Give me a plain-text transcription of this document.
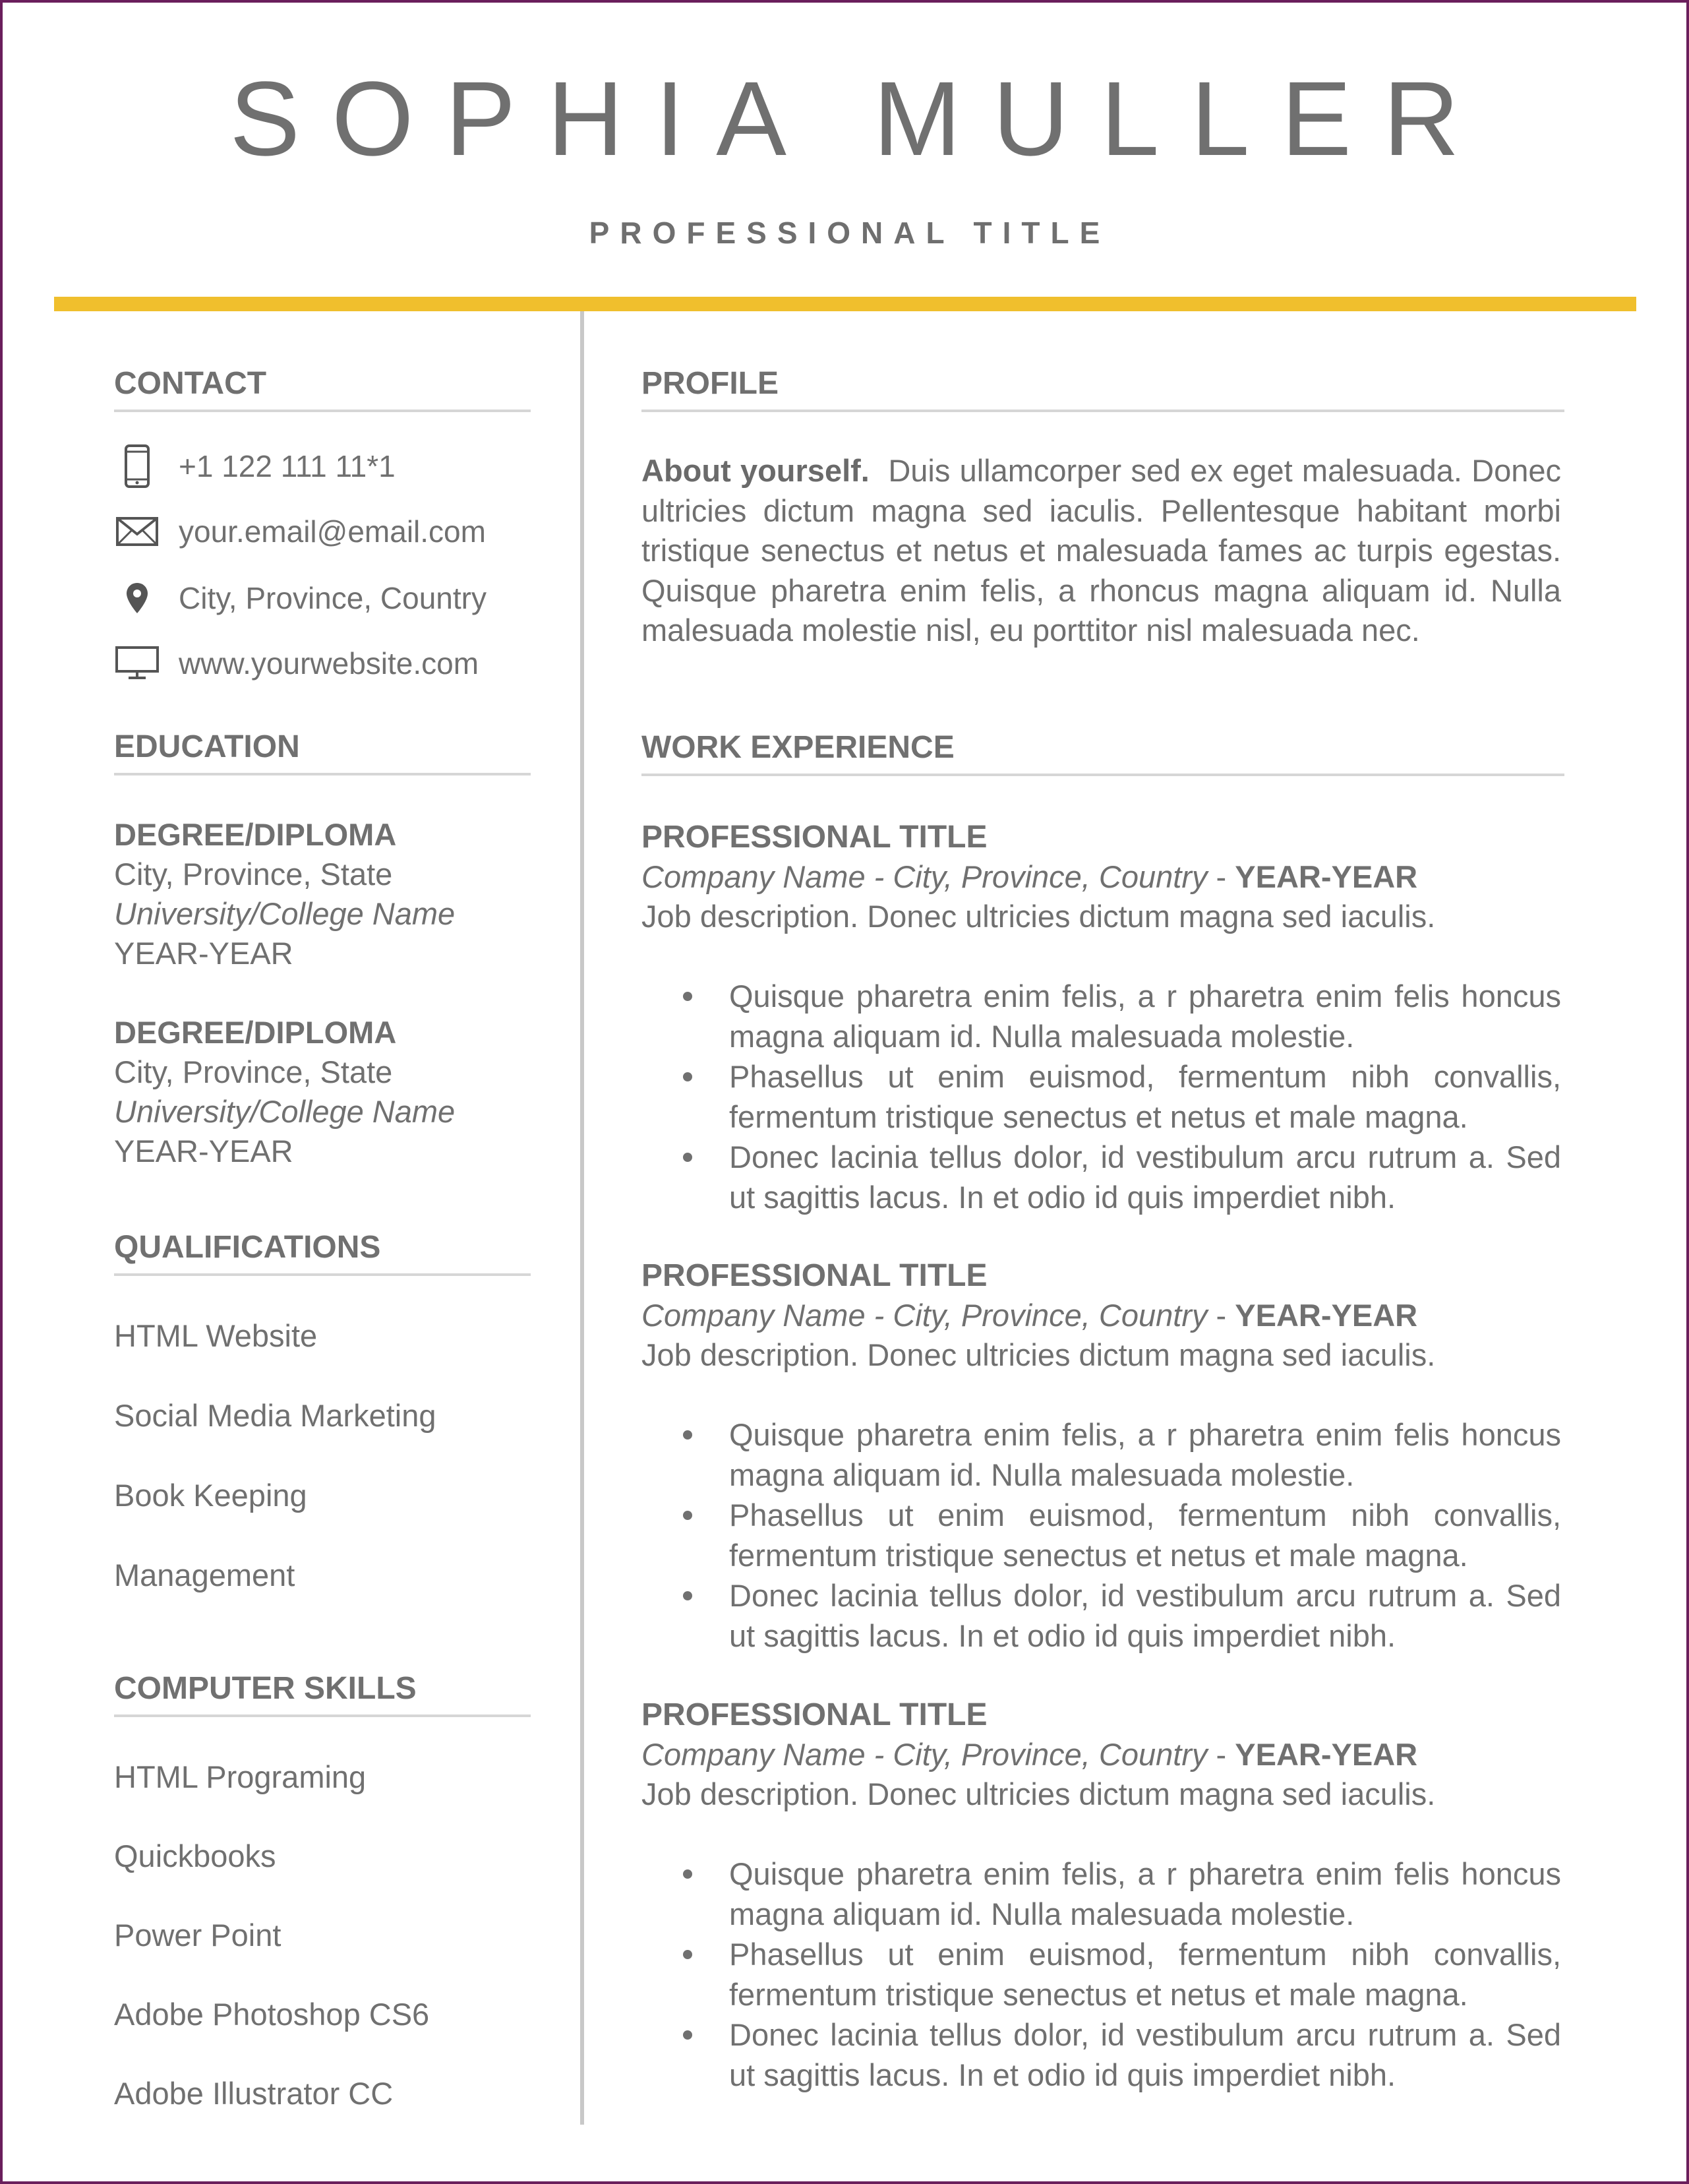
SOPHIA MULLER
PROFESSIONAL TITLE
CONTACT
+1 122 111 11*1
your.email@email.com
City, Province, Country
www.yourwebsite.com
EDUCATION
DEGREE/DIPLOMA
City, Province, State
University/College Name
YEAR-YEAR
DEGREE/DIPLOMA
City, Province, State
University/College Name
YEAR-YEAR
QUALIFICATIONS
HTML Website
Social Media Marketing
Book Keeping
Management
COMPUTER SKILLS
HTML Programing
Quickbooks
Power Point
Adobe Photoshop CS6
Adobe Illustrator CC
PROFILE
About yourself. Duis ullamcorper sed ex eget malesuada. Donec ultricies dictum magna sed iaculis. Pellentesque habitant morbi tristique senectus et netus et malesuada fames ac turpis egestas. Quisque pharetra enim felis, a rhoncus magna aliquam id. Nulla malesuada molestie nisl, eu porttitor nisl malesuada nec.
WORK EXPERIENCE
PROFESSIONAL TITLE
Company Name - City, Province, Country - YEAR-YEAR
Job description. Donec ultricies dictum magna sed iaculis.
Quisque pharetra enim felis, a r pharetra enim felis honcus magna aliquam id. Nulla malesuada molestie.
Phasellus ut enim euismod, fermentum nibh convallis, fermentum tristique senectus et netus et male magna.
Donec lacinia tellus dolor, id vestibulum arcu rutrum a. Sed ut sagittis lacus. In et odio id quis imperdiet nibh.
PROFESSIONAL TITLE
Company Name - City, Province, Country - YEAR-YEAR
Job description. Donec ultricies dictum magna sed iaculis.
Quisque pharetra enim felis, a r pharetra enim felis honcus magna aliquam id. Nulla malesuada molestie.
Phasellus ut enim euismod, fermentum nibh convallis, fermentum tristique senectus et netus et male magna.
Donec lacinia tellus dolor, id vestibulum arcu rutrum a. Sed ut sagittis lacus. In et odio id quis imperdiet nibh.
PROFESSIONAL TITLE
Company Name - City, Province, Country - YEAR-YEAR
Job description. Donec ultricies dictum magna sed iaculis.
Quisque pharetra enim felis, a r pharetra enim felis honcus magna aliquam id. Nulla malesuada molestie.
Phasellus ut enim euismod, fermentum nibh convallis, fermentum tristique senectus et netus et male magna.
Donec lacinia tellus dolor, id vestibulum arcu rutrum a. Sed ut sagittis lacus. In et odio id quis imperdiet nibh.
